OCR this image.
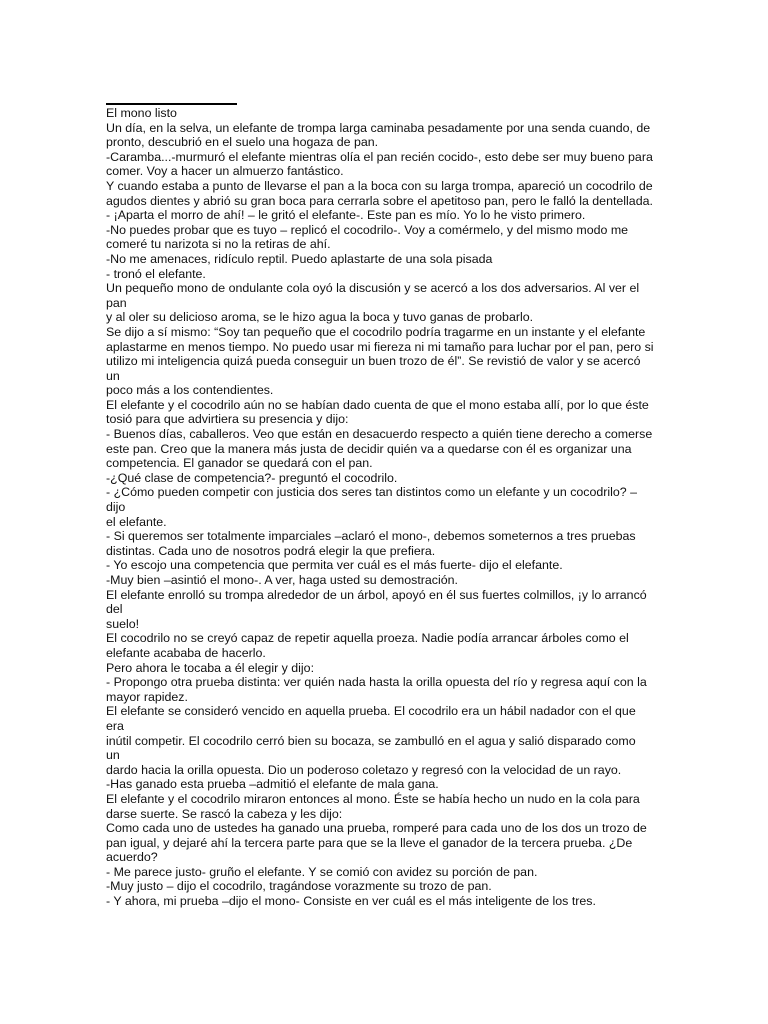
El mono listo
Un día, en la selva, un elefante de trompa larga caminaba pesadamente por una senda cuando, de
pronto, descubrió en el suelo una hogaza de pan.
-Caramba...-murmuró el elefante mientras olía el pan recién cocido-, esto debe ser muy bueno para
comer. Voy a hacer un almuerzo fantástico.
Y cuando estaba a punto de llevarse el pan a la boca con su larga trompa, apareció un cocodrilo de
agudos dientes y abrió su gran boca para cerrarla sobre el apetitoso pan, pero le falló la dentellada.
- ¡Aparta el morro de ahí! – le gritó el elefante-. Este pan es mío. Yo lo he visto primero.
-No puedes probar que es tuyo – replicó el cocodrilo-. Voy a comérmelo, y del mismo modo me
comeré tu narizota si no la retiras de ahí.
-No me amenaces, ridículo reptil. Puedo aplastarte de una sola pisada
- tronó el elefante.
Un pequeño mono de ondulante cola oyó la discusión y se acercó a los dos adversarios. Al ver el
pan
y al oler su delicioso aroma, se le hizo agua la boca y tuvo ganas de probarlo.
Se dijo a sí mismo: “Soy tan pequeño que el cocodrilo podría tragarme en un instante y el elefante
aplastarme en menos tiempo. No puedo usar mi fiereza ni mi tamaño para luchar por el pan, pero si
utilizo mi inteligencia quizá pueda conseguir un buen trozo de él”. Se revistió de valor y se acercó
un
poco más a los contendientes.
El elefante y el cocodrilo aún no se habían dado cuenta de que el mono estaba allí, por lo que éste
tosió para que advirtiera su presencia y dijo:
- Buenos días, caballeros. Veo que están en desacuerdo respecto a quién tiene derecho a comerse
este pan. Creo que la manera más justa de decidir quién va a quedarse con él es organizar una
competencia. El ganador se quedará con el pan.
-¿Qué clase de competencia?- preguntó el cocodrilo.
- ¿Cómo pueden competir con justicia dos seres tan distintos como un elefante y un cocodrilo? –
dijo
el elefante.
- Si queremos ser totalmente imparciales –aclaró el mono-, debemos someternos a tres pruebas
distintas. Cada uno de nosotros podrá elegir la que prefiera.
- Yo escojo una competencia que permita ver cuál es el más fuerte- dijo el elefante.
-Muy bien –asintió el mono-. A ver, haga usted su demostración.
El elefante enrolló su trompa alrededor de un árbol, apoyó en él sus fuertes colmillos, ¡y lo arrancó
del
suelo!
El cocodrilo no se creyó capaz de repetir aquella proeza. Nadie podía arrancar árboles como el
elefante acababa de hacerlo.
Pero ahora le tocaba a él elegir y dijo:
- Propongo otra prueba distinta: ver quién nada hasta la orilla opuesta del río y regresa aquí con la
mayor rapidez.
El elefante se consideró vencido en aquella prueba. El cocodrilo era un hábil nadador con el que
era
inútil competir. El cocodrilo cerró bien su bocaza, se zambulló en el agua y salió disparado como
un
dardo hacia la orilla opuesta. Dio un poderoso coletazo y regresó con la velocidad de un rayo.
-Has ganado esta prueba –admitió el elefante de mala gana.
El elefante y el cocodrilo miraron entonces al mono. Éste se había hecho un nudo en la cola para
darse suerte. Se rascó la cabeza y les dijo:
Como cada uno de ustedes ha ganado una prueba, romperé para cada uno de los dos un trozo de
pan igual, y dejaré ahí la tercera parte para que se la lleve el ganador de la tercera prueba. ¿De
acuerdo?
- Me parece justo- gruño el elefante. Y se comió con avidez su porción de pan.
-Muy justo – dijo el cocodrilo, tragándose vorazmente su trozo de pan.
- Y ahora, mi prueba –dijo el mono- Consiste en ver cuál es el más inteligente de los tres.
